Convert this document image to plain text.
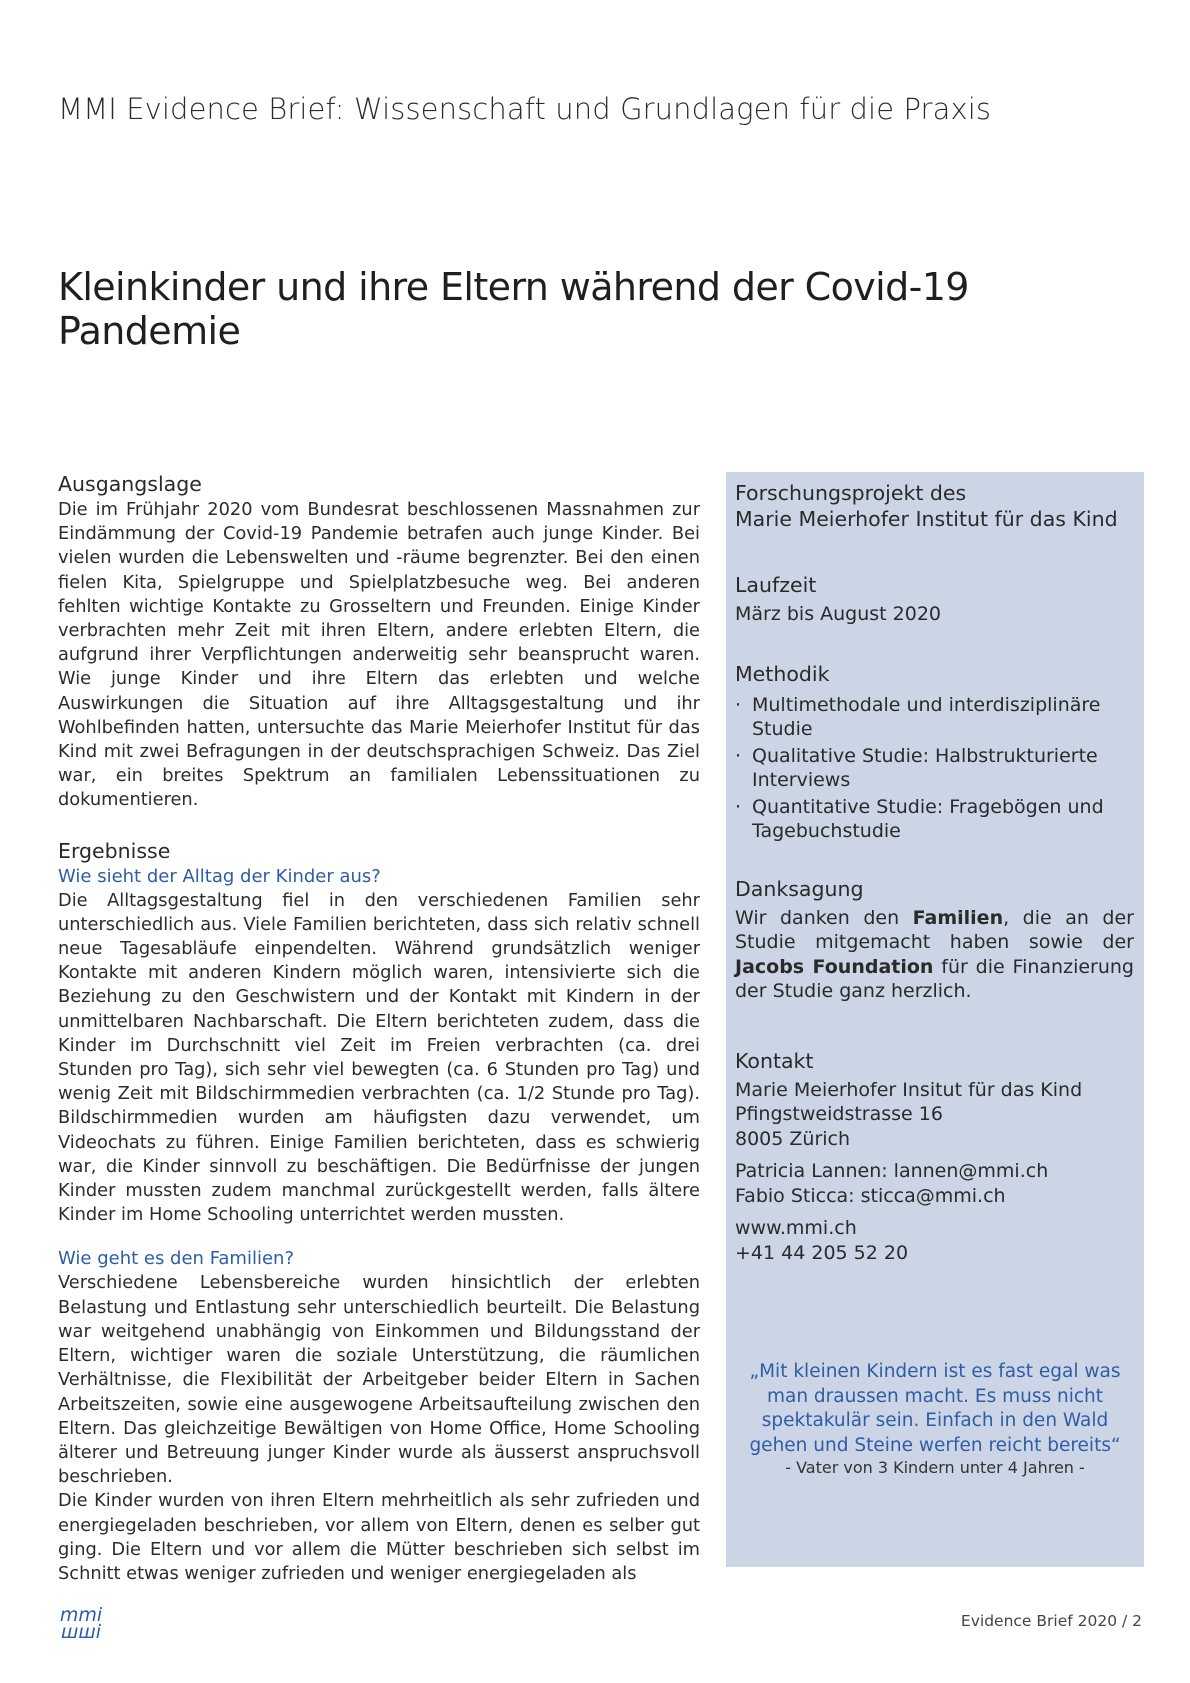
MMI Evidence Brief: Wissenschaft und Grundlagen für die Praxis
Kleinkinder und ihre Eltern während der Covid-19 Pandemie
Ausgangslage

Die im Frühjahr 2020 vom Bundesrat beschlossenen Massnahmen zur Eindämmung der Covid-19 Pandemie betrafen auch junge Kinder. Bei vielen wurden die Lebenswelten und -räume begrenzter. Bei den einen fielen Kita, Spielgruppe und Spielplatzbesuche weg. Bei anderen fehlten wichtige Kontakte zu Grosseltern und Freunden. Einige Kinder verbrachten mehr Zeit mit ihren Eltern, andere erlebten Eltern, die aufgrund ihrer Verpflichtungen anderweitig sehr beansprucht waren. Wie junge Kinder und ihre Eltern das erlebten und welche Auswirkungen die Situation auf ihre Alltagsgestaltung und ihr Wohlbefinden hatten, untersuchte das Marie Meierhofer Institut für das Kind mit zwei Befragungen in der deutschsprachigen Schweiz. Das Ziel war, ein breites Spektrum an familialen Lebenssituationen zu dokumentieren.

Ergebnisse
Wie sieht der Alltag der Kinder aus?

Die Alltagsgestaltung fiel in den verschiedenen Familien sehr unterschiedlich aus. Viele Familien berichteten, dass sich relativ schnell neue Tagesabläufe einpendelten. Während grundsätzlich weniger Kontakte mit anderen Kindern möglich waren, intensivierte sich die Beziehung zu den Geschwistern und der Kontakt mit Kindern in der unmittelbaren Nachbarschaft. Die Eltern berichteten zudem, dass die Kinder im Durchschnitt viel Zeit im Freien verbrachten (ca. drei Stunden pro Tag), sich sehr viel bewegten (ca. 6 Stunden pro Tag) und wenig Zeit mit Bildschirmmedien verbrachten (ca. 1/2 Stunde pro Tag). Bildschirmmedien wurden am häufigsten dazu verwendet, um Videochats zu führen. Einige Familien berichteten, dass es schwierig war, die Kinder sinnvoll zu beschäftigen. Die Bedürfnisse der jungen Kinder mussten zudem manchmal zurückgestellt werden, falls ältere Kinder im Home Schooling unterrichtet werden mussten.

Wie geht es den Familien?

Verschiedene Lebensbereiche wurden hinsichtlich der erlebten Belastung und Entlastung sehr unterschiedlich beurteilt. Die Belastung war weitgehend unabhängig von Einkommen und Bildungsstand der Eltern, wichtiger waren die soziale Unterstützung, die räumlichen Verhältnisse, die Flexibilität der Arbeitgeber beider Eltern in Sachen Arbeitszeiten, sowie eine ausgewogene Arbeitsaufteilung zwischen den Eltern. Das gleichzeitige Bewältigen von Home Office, Home Schooling älterer und Betreuung junger Kinder wurde als äusserst anspruchsvoll beschrieben.

Die Kinder wurden von ihren Eltern mehrheitlich als sehr zufrieden und energiegeladen beschrieben, vor allem von Eltern, denen es selber gut ging. Die Eltern und vor allem die Mütter beschrieben sich selbst im Schnitt etwas weniger zufrieden und weniger energiegeladen als

Forschungsprojekt des

Marie Meierhofer Institut für das Kind

Laufzeit

März bis August 2020

Methodik

· Multimethodale und interdisziplinäre Studie
· Qualitative Studie: Halbstrukturierte Interviews
· Quantitative Studie: Fragebögen und Tagebuchstudie

Danksagung

Wir danken den Familien, die an der Studie mitgemacht haben sowie der Jacobs Foundation für die Finanzierung der Studie ganz herzlich.

Kontakt

Marie Meierhofer Insitut für das Kind

Pfingstweidstrasse 16

8005 Zürich

Patricia Lannen: lannen@mmi.ch

Fabio Sticca: sticca@mmi.ch

www.mmi.ch

+41 44 205 52 20

„Mit kleinen Kindern ist es fast egal was
man draussen macht. Es muss nicht
spektakulär sein. Einfach in den Wald
gehen und Steine werfen reicht bereits“
- Vater von 3 Kindern unter 4 Jahren -
mmi
шші	Evidence Brief 2020 / 2
